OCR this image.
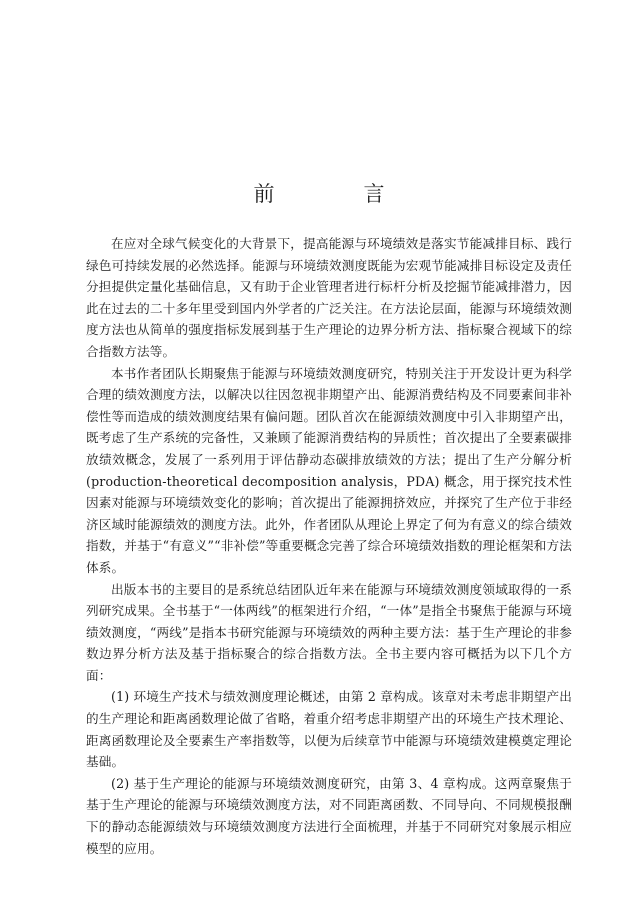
前　言

在应对全球气候变化的大背景下，提高能源与环境绩效是落实节能减排目标、践行绿色可持续发展的必然选择。能源与环境绩效测度既能为宏观节能减排目标设定及责任分担提供定量化基础信息，又有助于企业管理者进行标杆分析及挖掘节能减排潜力，因此在过去的二十多年里受到国内外学者的广泛关注。在方法论层面，能源与环境绩效测度方法也从简单的强度指标发展到基于生产理论的边界分析方法、指标聚合视域下的综合指数方法等。

本书作者团队长期聚焦于能源与环境绩效测度研究，特别关注于开发设计更为科学合理的绩效测度方法，以解决以往因忽视非期望产出、能源消费结构及不同要素间非补偿性等而造成的绩效测度结果有偏问题。团队首次在能源绩效测度中引入非期望产出，既考虑了生产系统的完备性，又兼顾了能源消费结构的异质性；首次提出了全要素碳排放绩效概念，发展了一系列用于评估静动态碳排放绩效的方法；提出了生产分解分析 (production-theoretical decomposition analysis，PDA) 概念，用于探究技术性因素对能源与环境绩效变化的影响；首次提出了能源拥挤效应，并探究了生产位于非经济区域时能源绩效的测度方法。此外，作者团队从理论上界定了何为有意义的综合绩效指数，并基于“有意义”“非补偿”等重要概念完善了综合环境绩效指数的理论框架和方法体系。

出版本书的主要目的是系统总结团队近年来在能源与环境绩效测度领域取得的一系列研究成果。全书基于“一体两线”的框架进行介绍，“一体”是指全书聚焦于能源与环境绩效测度，“两线”是指本书研究能源与环境绩效的两种主要方法：基于生产理论的非参数边界分析方法及基于指标聚合的综合指数方法。全书主要内容可概括为以下几个方面：

(1) 环境生产技术与绩效测度理论概述，由第 2 章构成。该章对未考虑非期望产出的生产理论和距离函数理论做了省略，着重介绍考虑非期望产出的环境生产技术理论、距离函数理论及全要素生产率指数等，以便为后续章节中能源与环境绩效建模奠定理论基础。

(2) 基于生产理论的能源与环境绩效测度研究，由第 3、4 章构成。这两章聚焦于基于生产理论的能源与环境绩效测度方法，对不同距离函数、不同导向、不同规模报酬下的静动态能源绩效与环境绩效测度方法进行全面梳理，并基于不同研究对象展示相应模型的应用。
